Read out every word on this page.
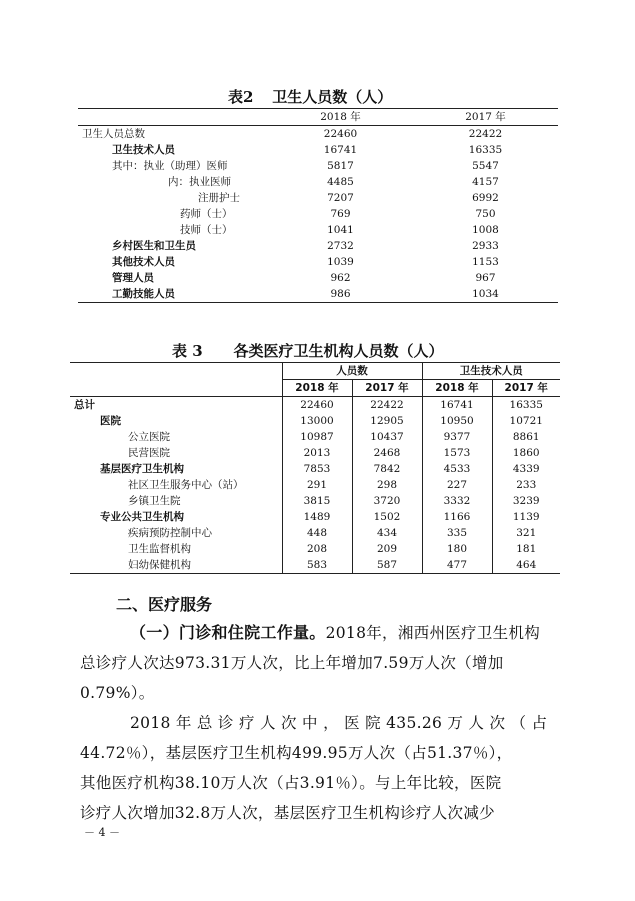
表2 卫生人员数（人）
	2018 年	2017 年
卫生人员总数	22460	22422
卫生技术人员	16741	16335
其中：执业（助理）医师	5817	5547
内：执业医师	4485	4157
注册护士	7207	6992
药师（士）	769	750
技师（士）	1041	1008
乡村医生和卫生员	2732	2933
其他技术人员	1039	1153
管理人员	962	967
工勤技能人员	986	1034
表 3 各类医疗卫生机构人员数（人）
	人员数		卫生技术人员	
	2018 年	2017 年	2018 年	2017 年
总计	22460	22422	16741	16335
医院	13000	12905	10950	10721
公立医院	10987	10437	9377	8861
民营医院	2013	2468	1573	1860
基层医疗卫生机构	7853	7842	4533	4339
社区卫生服务中心（站）	291	298	227	233
乡镇卫生院	3815	3720	3332	3239
专业公共卫生机构	1489	1502	1166	1139
疾病预防控制中心	448	434	335	321
卫生监督机构	208	209	180	181
妇幼保健机构	583	587	477	464
二、医疗服务
（一）门诊和住院工作量。2018年，湘西州医疗卫生机构
总诊疗人次达973.31万人次，比上年增加7.59万人次（增加
0.79%）。
2018 年 总 诊 疗 人 次 中 ， 医 院 435.26 万 人 次 （ 占
44.72％），基层医疗卫生机构499.95万人次（占51.37％），
其他医疗机构38.10万人次（占3.91％）。与上年比较，医院
诊疗人次增加32.8万人次，基层医疗卫生机构诊疗人次减少
－ 4 －
